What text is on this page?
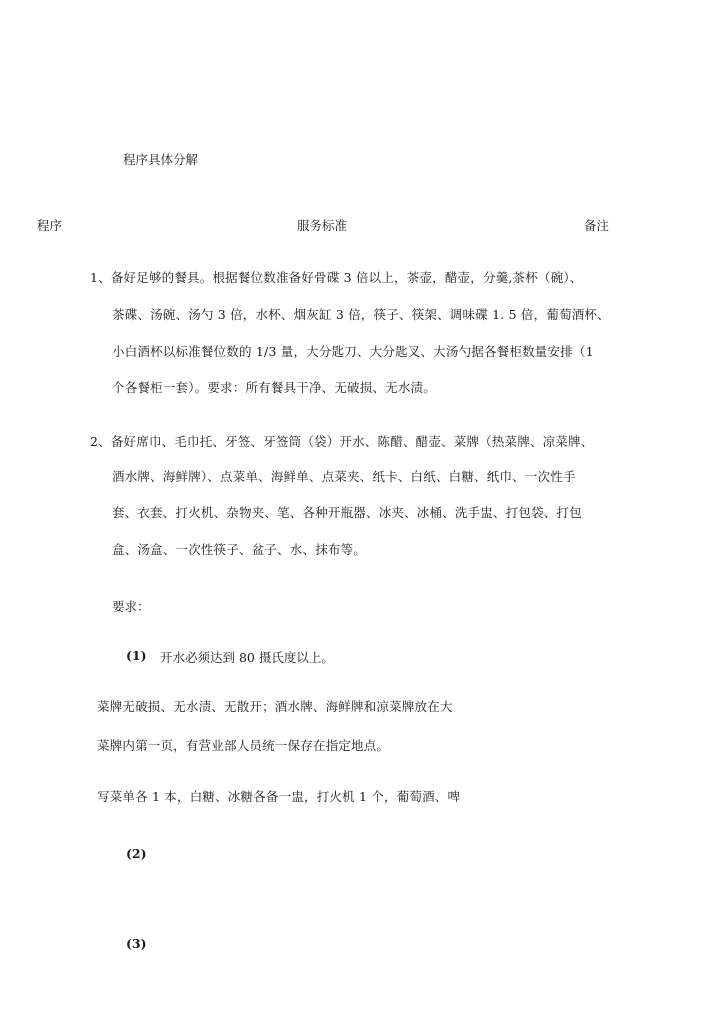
程序具体分解
程序	服务标准	备注
1、备好足够的餐具。根据餐位数准备好骨碟 3 倍以上，茶壶，醋壶，分羹,茶杯（碗）、
茶碟、汤碗、汤勺 3 倍，水杯、烟灰缸 3 倍，筷子、筷架、调味碟 1. 5 倍，葡萄酒杯、
小白酒杯以标准餐位数的 1/3 量，大分匙刀、大分匙叉、大汤勺据各餐柜数量安排（1
个各餐柜一套）。要求：所有餐具干净、无破损、无水渍。
2、备好席巾、毛巾托、牙签、牙签筒（袋）开水、陈醋、醋壶、菜牌（热菜牌、凉菜牌、
酒水牌、海鲜牌）、点菜单、海鲜单、点菜夹、纸卡、白纸、白糖、纸巾、一次性手
套、衣套、打火机、杂物夹、笔、各种开瓶器、冰夹、冰桶、洗手盅、打包袋、打包
盒、汤盒、一次性筷子、盆子、水、抹布等。
要求：
(1) 开水必须达到 80 摄氏度以上。
菜牌无破损、无水渍、无散开；酒水牌、海鲜牌和凉菜牌放在大
菜牌内第一页，有营业部人员统一保存在指定地点。
写菜单各 1 本，白糖、冰糖各备一盅，打火机 1 个，葡萄酒、啤
(2)
(3)
